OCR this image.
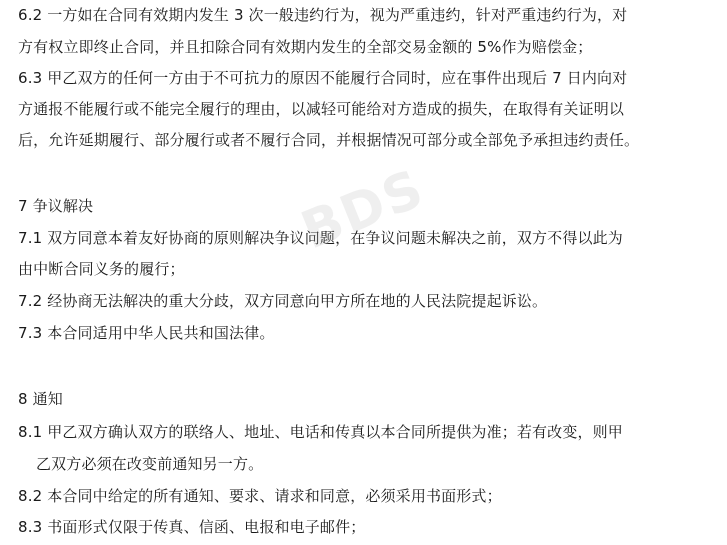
6.2 一方如在合同有效期内发生 3 次一般违约行为，视为严重违约，针对严重违约行为，对
方有权立即终止合同，并且扣除合同有效期内发生的全部交易金额的 5%作为赔偿金；
6.3 甲乙双方的任何一方由于不可抗力的原因不能履行合同时，应在事件出现后 7 日内向对
方通报不能履行或不能完全履行的理由，以减轻可能给对方造成的损失，在取得有关证明以
后，允许延期履行、部分履行或者不履行合同，并根据情况可部分或全部免予承担违约责任。
7 争议解决
7.1 双方同意本着友好协商的原则解决争议问题，在争议问题未解决之前，双方不得以此为
由中断合同义务的履行；
7.2 经协商无法解决的重大分歧，双方同意向甲方所在地的人民法院提起诉讼。
7.3 本合同适用中华人民共和国法律。
8 通知
8.1 甲乙双方确认双方的联络人、地址、电话和传真以本合同所提供为准；若有改变，则甲
乙双方必须在改变前通知另一方。
8.2 本合同中给定的所有通知、要求、请求和同意，必须采用书面形式；
8.3 书面形式仅限于传真、信函、电报和电子邮件；
BDS
